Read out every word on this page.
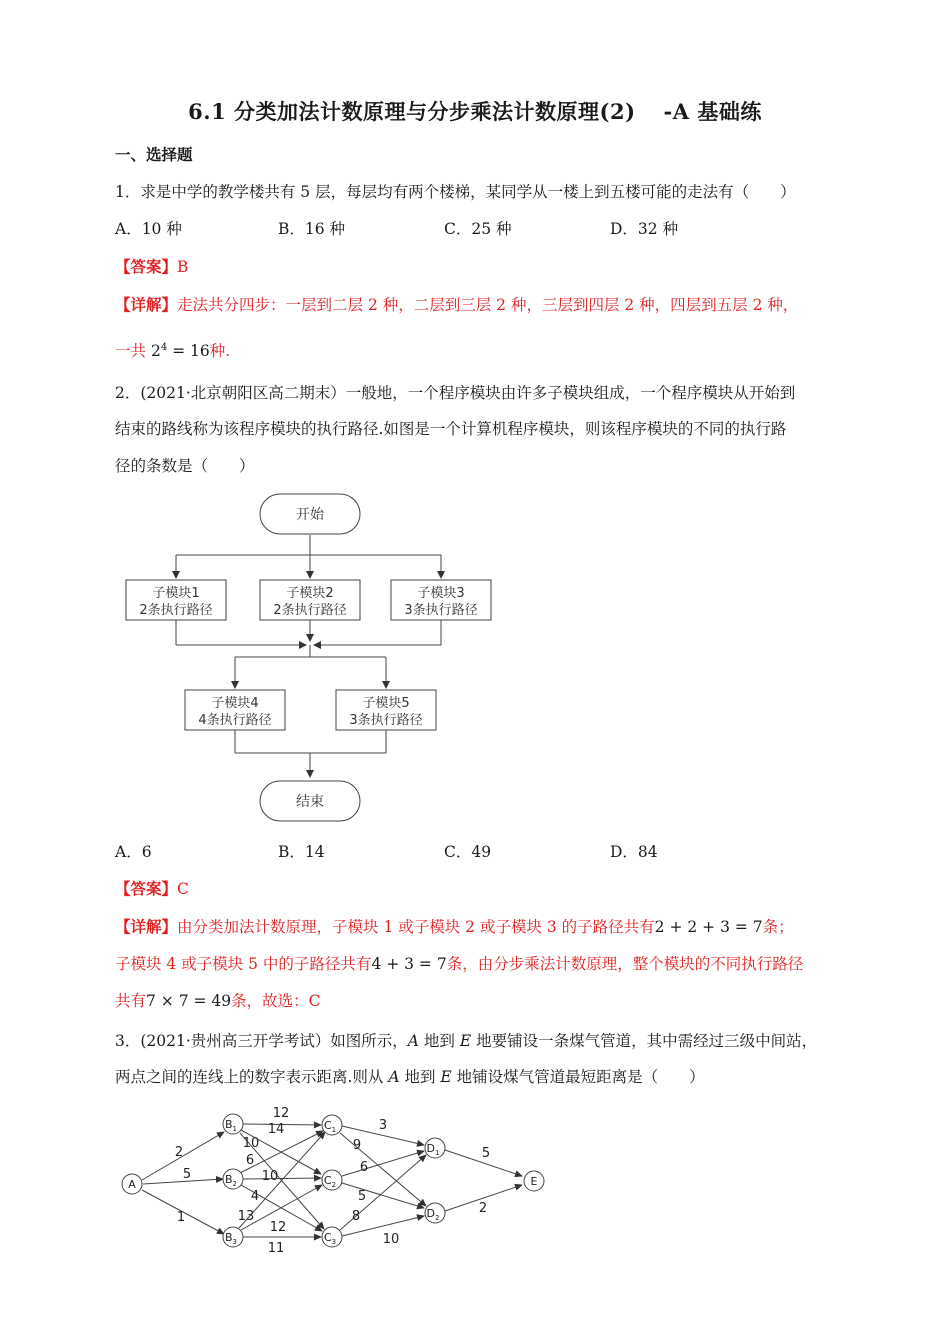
6.1 分类加法计数原理与分步乘法计数原理(2) -A 基础练
一、选择题
1．求是中学的教学楼共有 5 层，每层均有两个楼梯，某同学从一楼上到五楼可能的走法有（　　）
A．10 种	B．16 种	C．25 种	D．32 种
【答案】B
【详解】走法共分四步：一层到二层 2 种，二层到三层 2 种，三层到四层 2 种，四层到五层 2 种，
一共 $2^4 = 16$种.
2．(2021·北京朝阳区高二期末）一般地，一个程序模块由许多子模块组成，一个程序模块从开始到
结束的路线称为该程序模块的执行路径.如图是一个计算机程序模块，则该程序模块的不同的执行路
径的条数是（　　）
开始
结束
子模块1
2条执行路径
子模块2
2条执行路径
子模块3
3条执行路径
子模块4
4条执行路径
子模块5
3条执行路径
A．6	B．14	C．49	D．84
【答案】C
【详解】由分类加法计数原理，子模块 1 或子模块 2 或子模块 3 的子路径共有2 + 2 + 3 = 7条；
子模块 4 或子模块 5 中的子路径共有4 + 3 = 7条，由分步乘法计数原理，整个模块的不同执行路径
共有7 × 7 = 49条，故选：C
3．(2021·贵州高三开学考试）如图所示，A 地到 E 地要铺设一条煤气管道，其中需经过三级中间站，
两点之间的连线上的数字表示距离.则从 A 地到 E 地铺设煤气管道最短距离是（　　）
A
$B_1$
$B_2$
$B_3$
$C_1$
$C_2$
$C_3$
$D_1$
$D_2$
E
2
5
1
12
14
10
6
10
4
13
12
11
3
9
6
5
8
10
5
2
